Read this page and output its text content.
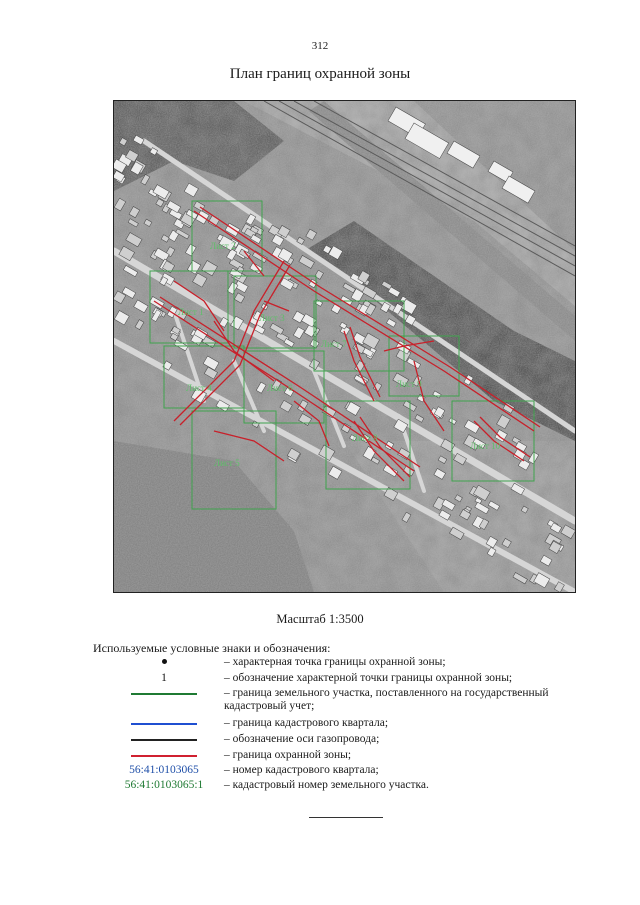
312
План границ охранной зоны
Лист 1
Лист 2
Лист 3
Лист 4
Лист 5
Лист 6
Лист 7
Лист 8
Лист 9
Лист 10
Масштаб 1:3500
Используемые условные знаки и обозначения:
– характерная точка границы охранной зоны;
1	– обозначение характерной точки границы охранной зоны;
– граница земельного участка, поставленного на государственный кадастровый учет;
– граница кадастрового квартала;
– обозначение оси газопровода;
– граница охранной зоны;
56:41:0103065	– номер кадастрового квартала;
56:41:0103065:1	– кадастровый номер земельного участка.
